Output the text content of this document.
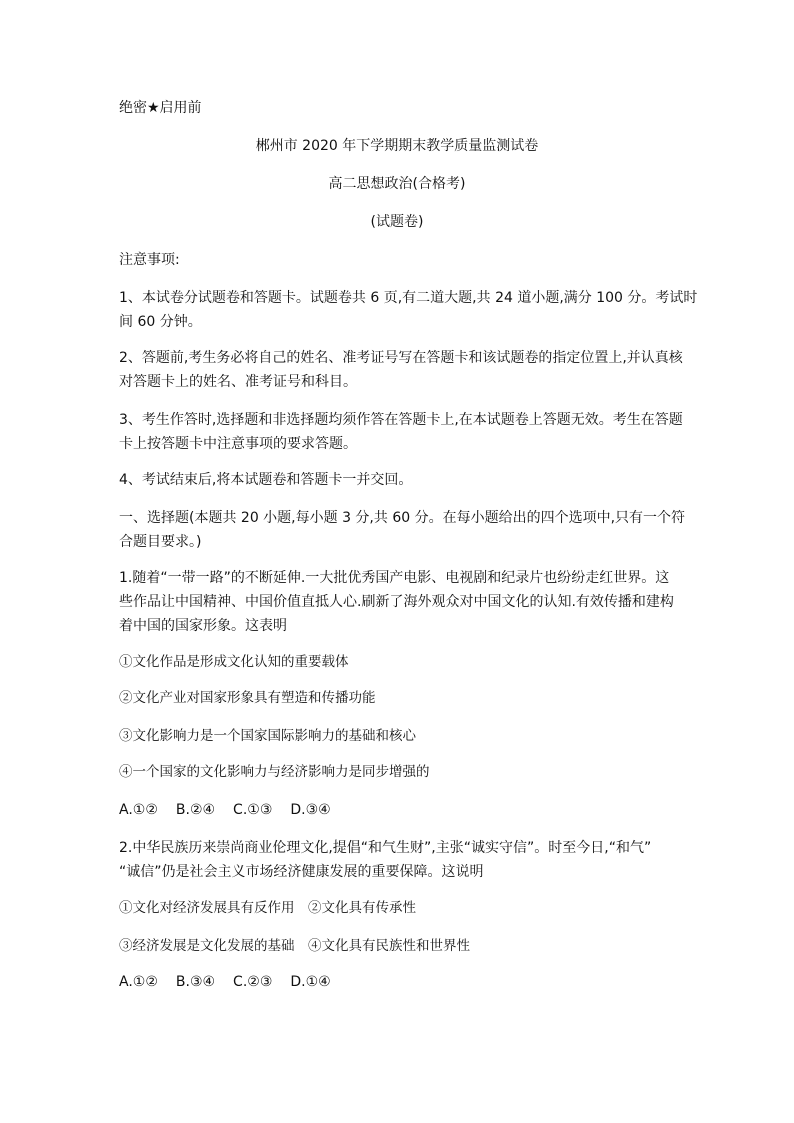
绝密★启用前
郴州市 2020 年下学期期末教学质量监测试卷
高二思想政治(合格考)
(试题卷)
注意事项:
1、本试卷分试题卷和答题卡。试题卷共 6 页,有二道大题,共 24 道小题,满分 100 分。考试时
间 60 分钟。
2、答题前,考生务必将自己的姓名、准考证号写在答题卡和该试题卷的指定位置上,并认真核
对答题卡上的姓名、准考证号和科目。
3、考生作答时,选择题和非选择题均须作答在答题卡上,在本试题卷上答题无效。考生在答题
卡上按答题卡中注意事项的要求答题。
4、考试结束后,将本试题卷和答题卡一并交回。
一、选择题(本题共 20 小题,每小题 3 分,共 60 分。在每小题给出的四个选项中,只有一个符
合题目要求。)
1.随着“一带一路”的不断延伸.一大批优秀国产电影、电视剧和纪录片也纷纷走红世界。这
些作品让中国精神、中国价值直抵人心.刷新了海外观众对中国文化的认知.有效传播和建构
着中国的国家形象。这表明
①文化作品是形成文化认知的重要载体
②文化产业对国家形象具有塑造和传播功能
③文化影响力是一个国家国际影响力的基础和核心
④一个国家的文化影响力与经济影响力是同步增强的
A.①② B.②④ C.①③ D.③④
2.中华民族历来崇尚商业伦理文化,提倡“和气生财”,主张“诚实守信”。时至今日,“和气”
“诚信”仍是社会主义市场经济健康发展的重要保障。这说明
①文化对经济发展具有反作用　②文化具有传承性
③经济发展是文化发展的基础　④文化具有民族性和世界性
A.①② B.③④ C.②③ D.①④
